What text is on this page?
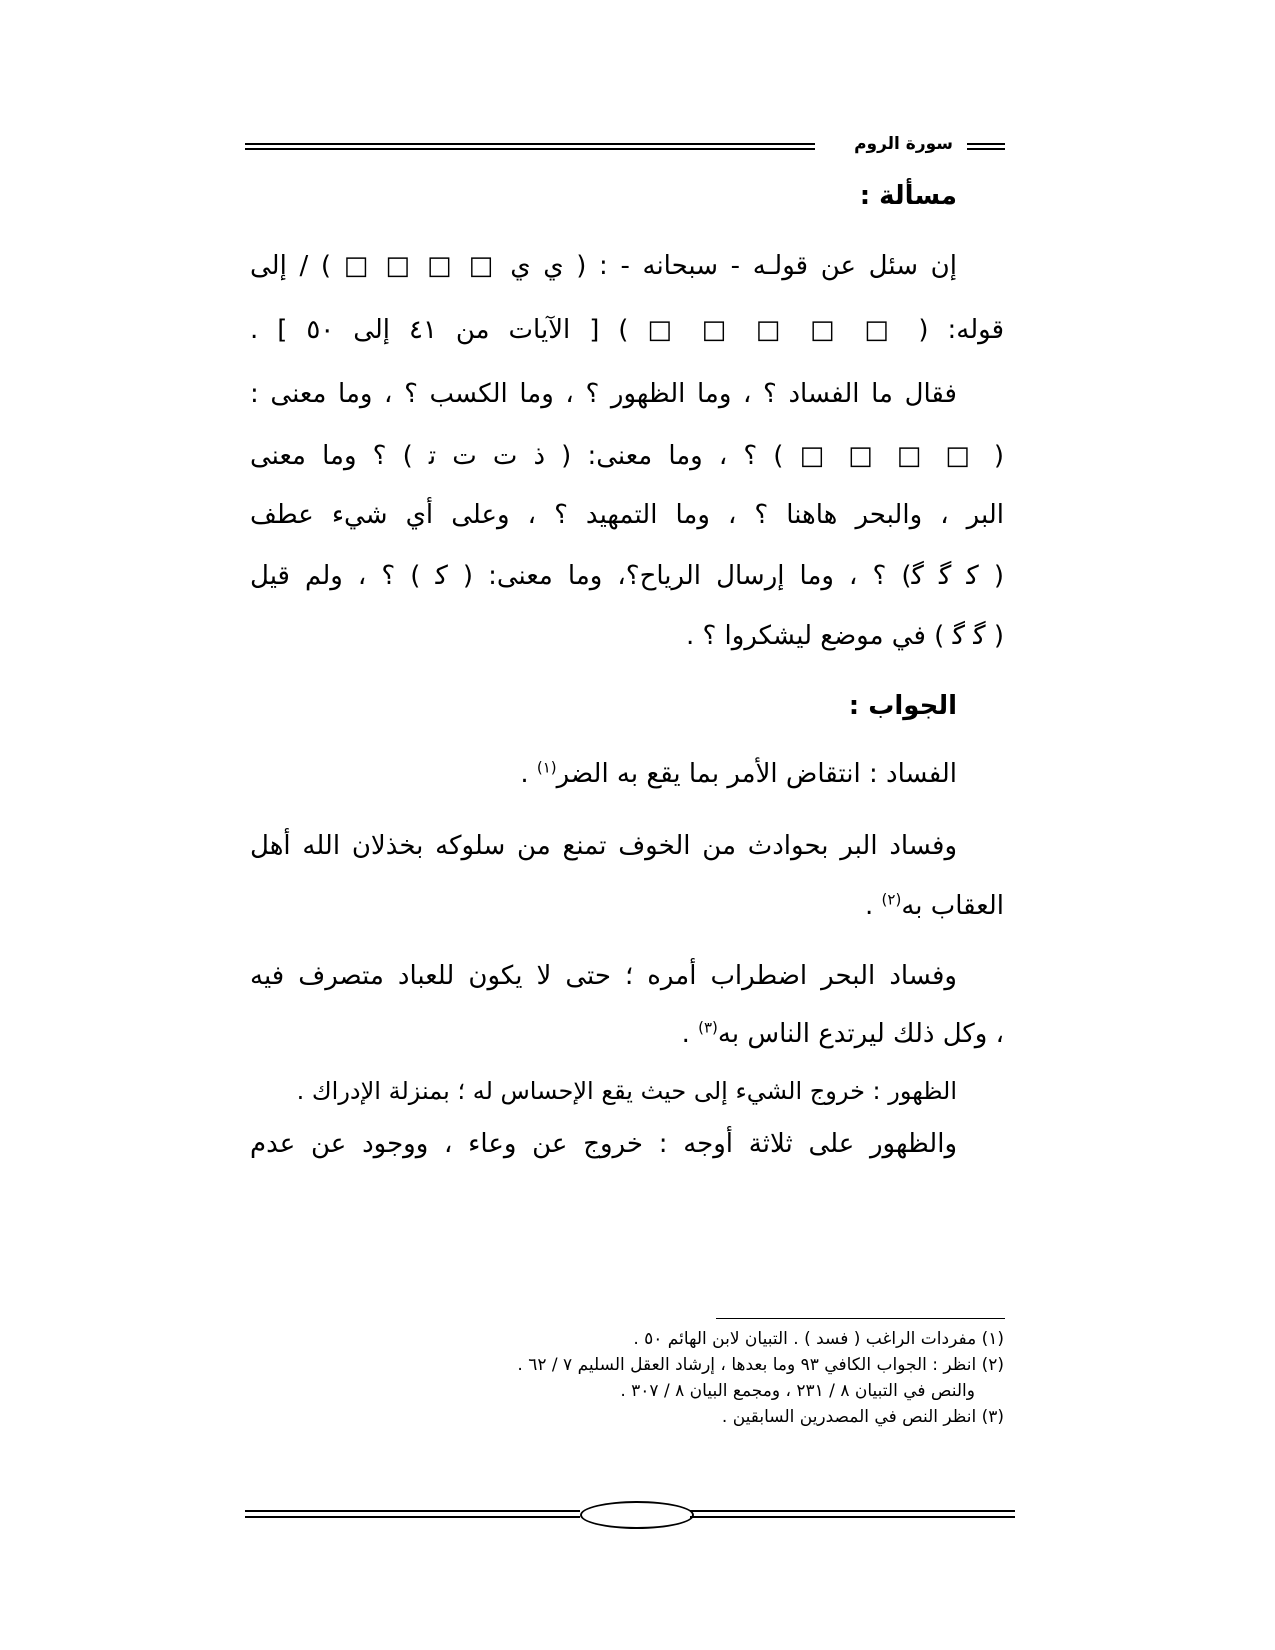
سورة الروم
مسألة :
إن سئل عن قولـه - سبحانه - : ( ي ي □ □ □ □ ) / إلى
قوله: ( □ □ □ □ □ ) [ الآيات من ٤١ إلى ٥٠ ] .
فقال ما الفساد ؟ ، وما الظهور ؟ ، وما الكسب ؟ ، وما معنى :
( □ □ □ □ ) ؟ ، وما معنى: ( ﺫ ﺕ ﺕ ﺗ ) ؟ وما معنى
البر ، والبحر هاهنا ؟ ، وما التمهيد ؟ ، وعلى أي شيء عطف
( ﮐ ﮔ ﮔ) ؟ ، وما إرسال الرياح؟، وما معنى: ( ﮐ ) ؟ ، ولم قيل
( ﮔ ﮔ ) في موضع ليشكروا ؟ .
الجواب :
الفساد : انتقاض الأمر بما يقع به الضر$^{(١)}$ .
وفساد البر بحوادث من الخوف تمنع من سلوكه بخذلان الله أهل
العقاب به$^{(٢)}$ .
وفساد البحر اضطراب أمره ؛ حتى لا يكون للعباد متصرف فيه
، وكل ذلك ليرتدع الناس به$^{(٣)}$ .
الظهور : خروج الشيء إلى حيث يقع الإحساس له ؛ بمنزلة الإدراك .
والظهور على ثلاثة أوجه : خروج عن وعاء ، ووجود عن عدم
(١) مفردات الراغب ( فسد ) . التبيان لابن الهائم ٥٠ .
(٢) انظر : الجواب الكافي ٩٣ وما بعدها ، إرشاد العقل السليم ٧ / ٦٢ .
والنص في التبيان ٨ / ٢٣١ ، ومجمع البيان ٨ / ٣٠٧ .
(٣) انظر النص في المصدرين السابقين .
